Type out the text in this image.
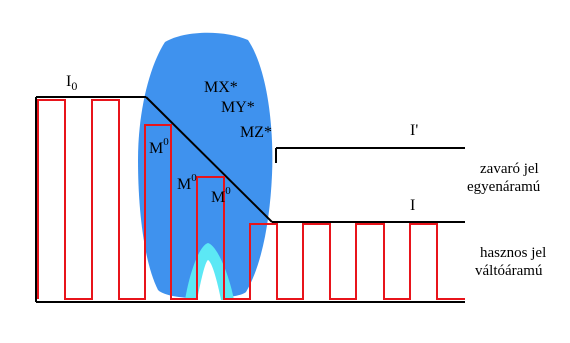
$I_0$	MX*
MY*
MZ*
$M^0$
$M^0$
$M^0$
I'
I
zavaró jel
egyenáramú
hasznos jel
váltóáramú
